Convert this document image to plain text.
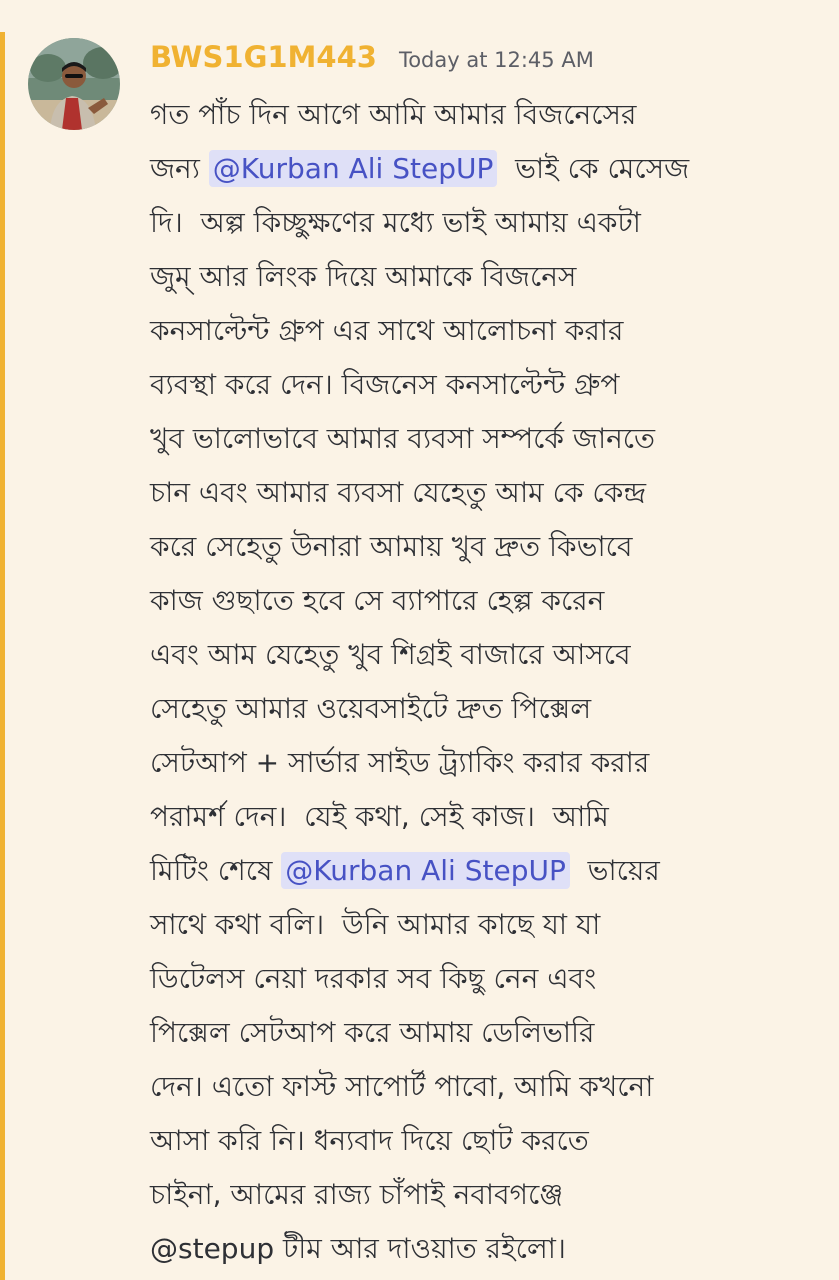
BWS1G1M443 Today at 12:45 AM
গত পাঁচ দিন আগে আমি আমার বিজনেসের
জন্য @Kurban Ali StepUP  ভাই কে মেসেজ
দি।  অল্প কিচ্ছুক্ষণের মধ্যে ভাই আমায় একটা
জুম্ আর লিংক দিয়ে আমাকে বিজনেস
কনসাল্টেন্ট গ্রুপ এর সাথে আলোচনা করার
ব্যবস্থা করে দেন। বিজনেস কনসাল্টেন্ট গ্রুপ
খুব ভালোভাবে আমার ব্যবসা সম্পর্কে জানতে
চান এবং আমার ব্যবসা যেহেতু আম কে কেন্দ্র
করে সেহেতু উনারা আমায় খুব দ্রুত কিভাবে
কাজ গুছাতে হবে সে ব্যাপারে হেল্প করেন
এবং আম যেহেতু খুব শিগ্রই বাজারে আসবে
সেহেতু আমার ওয়েবসাইটে দ্রুত পিক্সেল
সেটআপ + সার্ভার সাইড ট্র্যাকিং করার করার
পরামর্শ দেন।  যেই কথা, সেই কাজ।  আমি
মিটিং শেষে @Kurban Ali StepUP  ভায়ের
সাথে কথা বলি।  উনি আমার কাছে যা যা
ডিটেলস নেয়া দরকার সব কিছু নেন এবং
পিক্সেল সেটআপ করে আমায় ডেলিভারি
দেন। এতো ফাস্ট সাপোর্ট পাবো, আমি কখনো
আসা করি নি। ধন্যবাদ দিয়ে ছোট করতে
চাইনা, আমের রাজ্য চাঁপাই নবাবগঞ্জে
@stepup টীম আর দাওয়াত রইলো।
